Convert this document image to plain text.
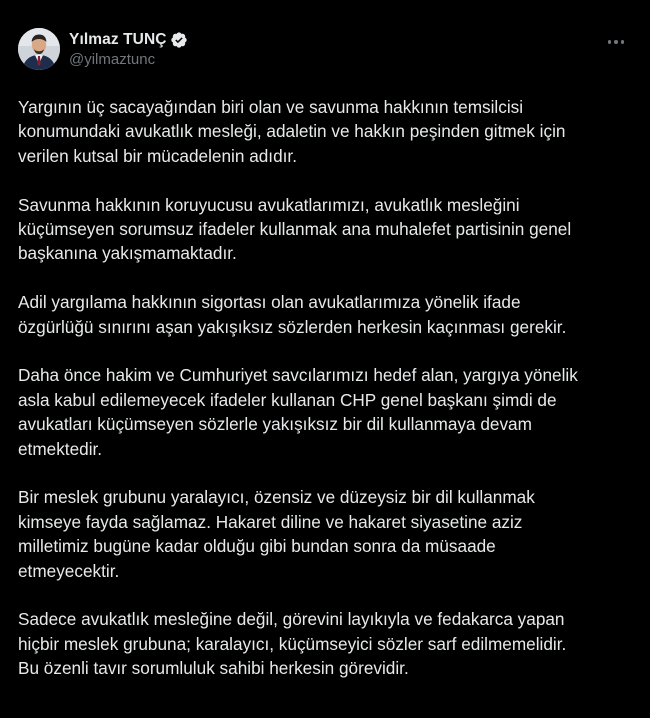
Yılmaz TUNÇ
@yilmaztunc

Yargının üç sacayağından biri olan ve savunma hakkının temsilcisi
konumundaki avukatlık mesleği, adaletin ve hakkın peşinden gitmek için
verilen kutsal bir mücadelenin adıdır.

Savunma hakkının koruyucusu avukatlarımızı, avukatlık mesleğini
küçümseyen sorumsuz ifadeler kullanmak ana muhalefet partisinin genel
başkanına yakışmamaktadır.

Adil yargılama hakkının sigortası olan avukatlarımıza yönelik ifade
özgürlüğü sınırını aşan yakışıksız sözlerden herkesin kaçınması gerekir.

Daha önce hakim ve Cumhuriyet savcılarımızı hedef alan, yargıya yönelik
asla kabul edilemeyecek ifadeler kullanan CHP genel başkanı şimdi de
avukatları küçümseyen sözlerle yakışıksız bir dil kullanmaya devam
etmektedir.

Bir meslek grubunu yaralayıcı, özensiz ve düzeysiz bir dil kullanmak
kimseye fayda sağlamaz. Hakaret diline ve hakaret siyasetine aziz
milletimiz bugüne kadar olduğu gibi bundan sonra da müsaade
etmeyecektir.

Sadece avukatlık mesleğine değil, görevini layıkıyla ve fedakarca yapan
hiçbir meslek grubuna; karalayıcı, küçümseyici sözler sarf edilmemelidir.
Bu özenli tavır sorumluluk sahibi herkesin görevidir.
